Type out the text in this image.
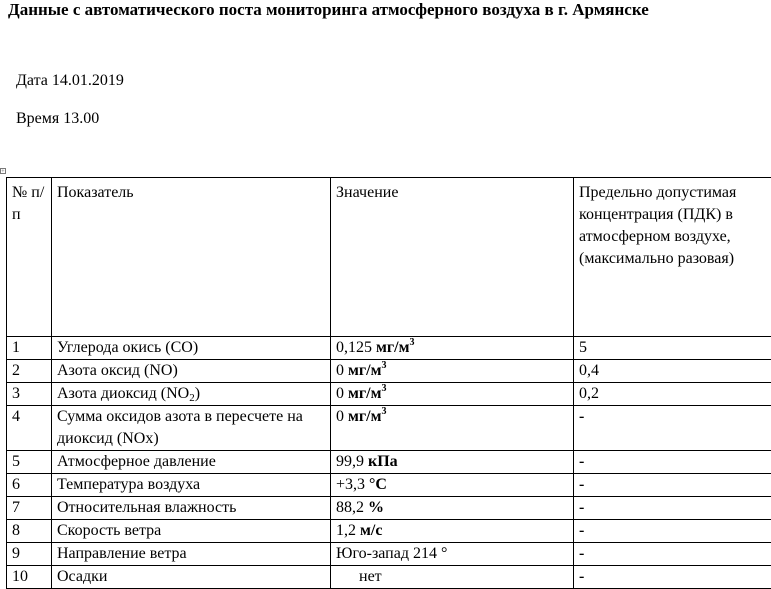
Данные с автоматического поста мониторинга атмосферного воздуха в г. Армянске
Дата 14.01.2019
Время 13.00
+
№ п/п	Показатель	Значение	Предельно допустимая концентрация (ПДК) в атмосферном воздухе, (максимально разовая)
1	Углерода окись (CO)	0,125 $мг/м^3$	5
2	Азота оксид (NO)	0 $мг/м^3$	0,4
3	Азота диоксид $(NO_2)$	0 $мг/м^3$	0,2
4	Сумма оксидов азота в пересчете на диоксид (NOx)	0 $мг/м^3$	-
5	Атмосферное давление	99,9 кПа	-
6	Температура воздуха	+3,3 °С	-
7	Относительная влажность	88,2 %	-
8	Скорость ветра	1,2 м/с	-
9	Направление ветра	Юго-запад 214 °	-
10	Осадки	нет	-
